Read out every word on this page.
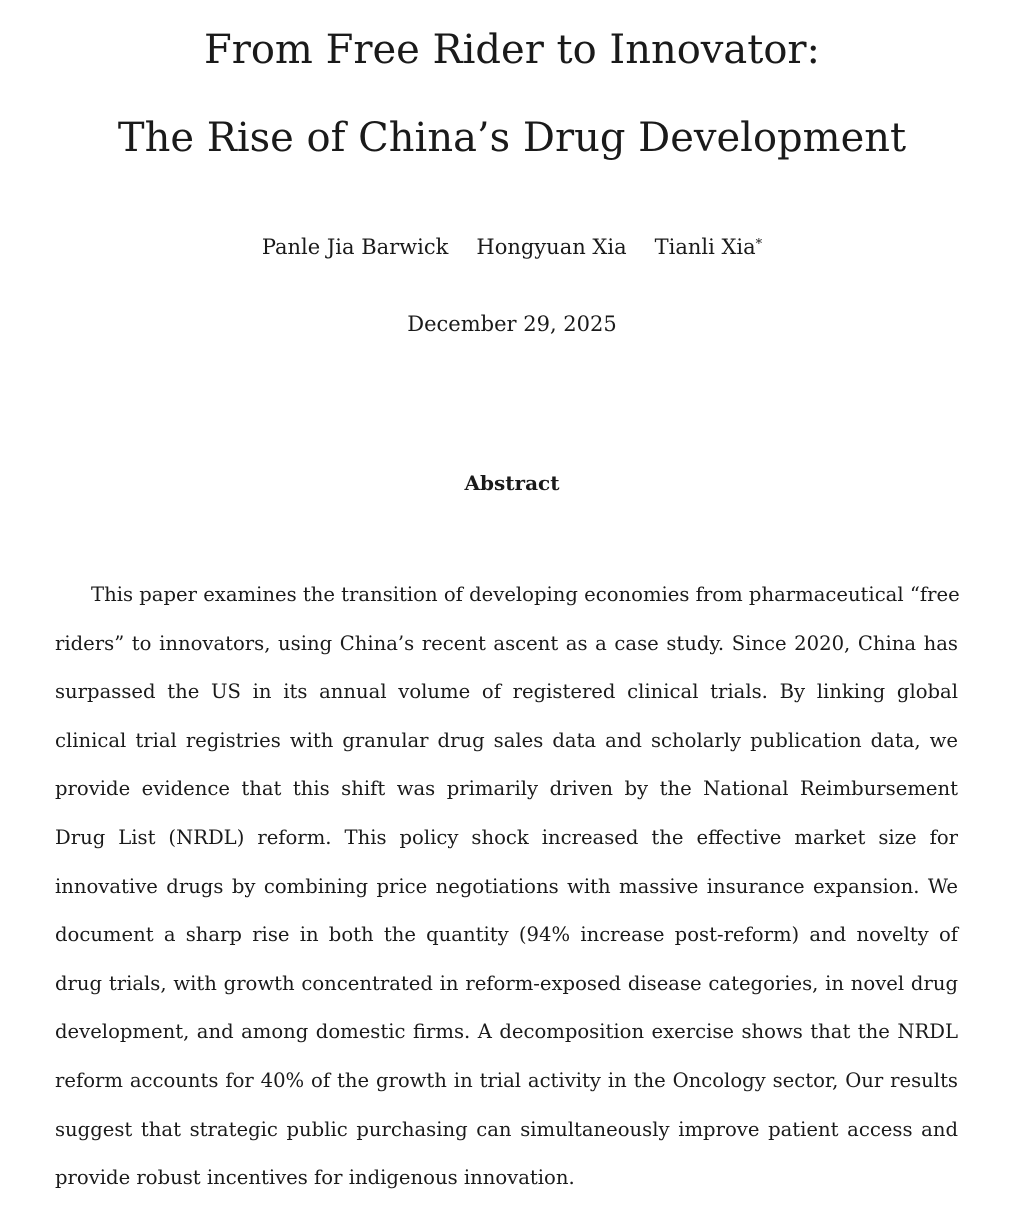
From Free Rider to Innovator:
The Rise of China’s Drug Development
Panle Jia Barwick Hongyuan Xia Tianli Xia*
December 29, 2025
Abstract
This paper examines the transition of developing economies from pharmaceutical “free
riders” to innovators, using China’s recent ascent as a case study. Since 2020, China has
surpassed the US in its annual volume of registered clinical trials. By linking global
clinical trial registries with granular drug sales data and scholarly publication data, we
provide evidence that this shift was primarily driven by the National Reimbursement
Drug List (NRDL) reform. This policy shock increased the effective market size for
innovative drugs by combining price negotiations with massive insurance expansion. We
document a sharp rise in both the quantity (94% increase post-reform) and novelty of
drug trials, with growth concentrated in reform-exposed disease categories, in novel drug
development, and among domestic firms. A decomposition exercise shows that the NRDL
reform accounts for 40% of the growth in trial activity in the Oncology sector, Our results
suggest that strategic public purchasing can simultaneously improve patient access and
provide robust incentives for indigenous innovation.
